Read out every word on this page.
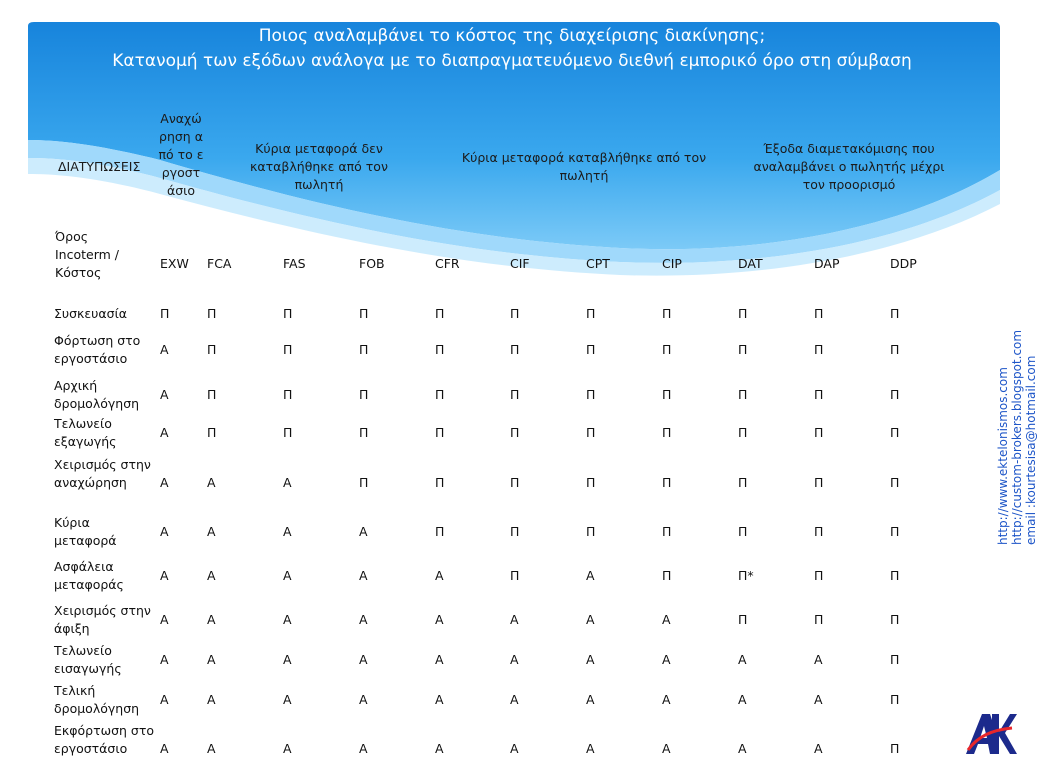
Ποιος αναλαμβάνει το κόστος της διαχείρισης διακίνησης;
Κατανομή των εξόδων ανάλογα με το διαπραγματευόμενο διεθνή εμπορικό όρο στη σύμβαση
ΔΙΑΤΥΠΩΣΕΙΣ
Αναχώρηση από το εργοστάσιο
Κύρια μεταφορά δεν καταβλήθηκε από τον πωλητή
Κύρια μεταφορά καταβλήθηκε από τον πωλητή
Έξοδα διαμετακόμισης που αναλαμβάνει ο πωλητής μέχρι τον προορισμό
Όρος Incoterm / Κόστος
EXW FCA	FAS	FOB	CFR	CIF	CPT	CIP	DAT	DAP	DDP
Συσκευασία	Π	Π	Π	Π	Π	Π	Π	Π	Π	Π	Π
Φόρτωση στο εργοστάσιο
Α	Π	Π	Π	Π	Π	Π	Π	Π	Π	Π
Αρχική δρομολόγηση
Α	Π	Π	Π	Π	Π	Π	Π	Π	Π	Π
Τελωνείο εξαγωγής
Α	Π	Π	Π	Π	Π	Π	Π	Π	Π	Π
Χειρισμός στην αναχώρηση	Α	Α	Α	Π	Π	Π	Π	Π	Π	Π	Π
Κύρια μεταφορά
Α	Α	Α	Α	Π	Π	Π	Π	Π	Π	Π
Ασφάλεια μεταφοράς
Α	Α	Α	Α	Α	Π	Α	Π	Π*	Π	Π
Χειρισμός στην άφιξη
Α	Α	Α	Α	Α	Α	Α	Α	Π	Π	Π
Τελωνείο εισαγωγής
Α	Α	Α	Α	Α	Α	Α	Α	Α	Α	Π
Τελική δρομολόγηση
Α	Α	Α	Α	Α	Α	Α	Α	Α	Α	Π
Εκφόρτωση στο εργοστάσιο	Α	Α	Α	Α	Α	Α	Α	Α	Α	Α	Π
http://www.ektelonismos.com http://custom-brokers.blogspot.com email :kourtesisa@hotmail.com
